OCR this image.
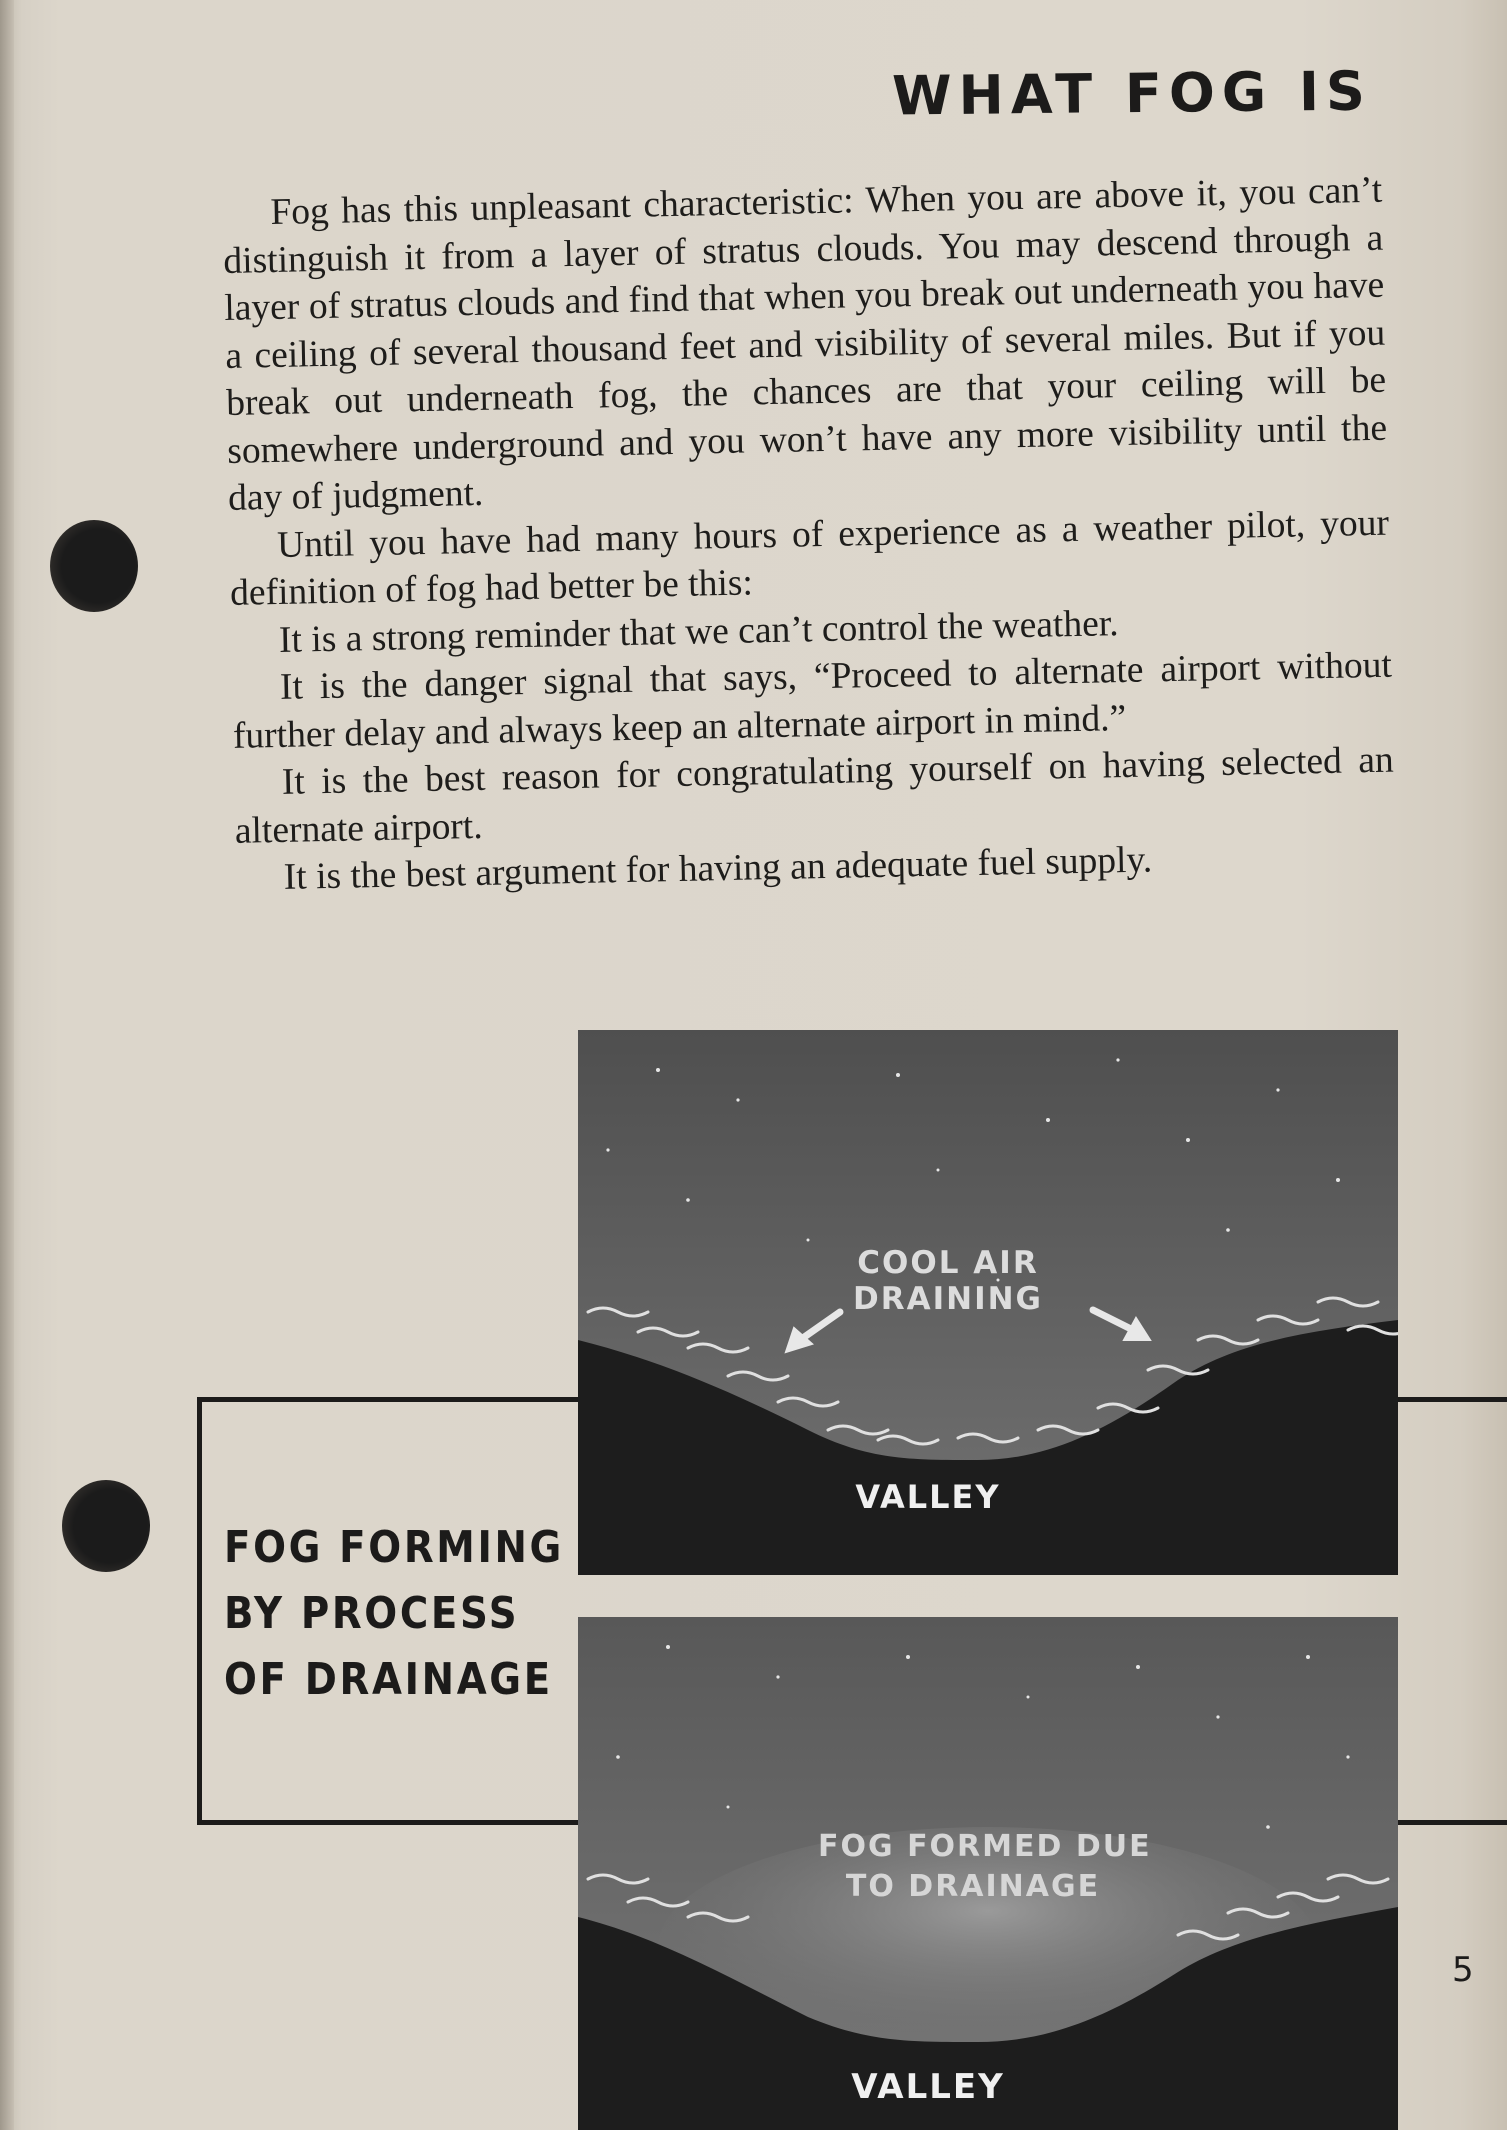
WHAT FOG IS

Fog has this unpleasant characteristic: When you are above it, you can’t distinguish it from a layer of stratus clouds. You may descend through a layer of stratus clouds and find that when you break out underneath you have a ceiling of several thousand feet and visibility of several miles. But if you break out underneath fog, the chances are that your ceiling will be somewhere underground and you won’t have any more visibility until the day of judgment.

Until you have had many hours of experience as a weather pilot, your definition of fog had better be this:

It is a strong reminder that we can’t control the weather.

It is the danger signal that says, “Proceed to alternate airport without further delay and always keep an alternate airport in mind.”

It is the best reason for congratulating yourself on having selected an alternate airport.

It is the best argument for having an adequate fuel supply.

FOG FORMING
BY PROCESS
OF DRAINAGE
COOL AIR
DRAINING
VALLEY
FOG FORMED DUE
TO DRAINAGE
VALLEY
5
